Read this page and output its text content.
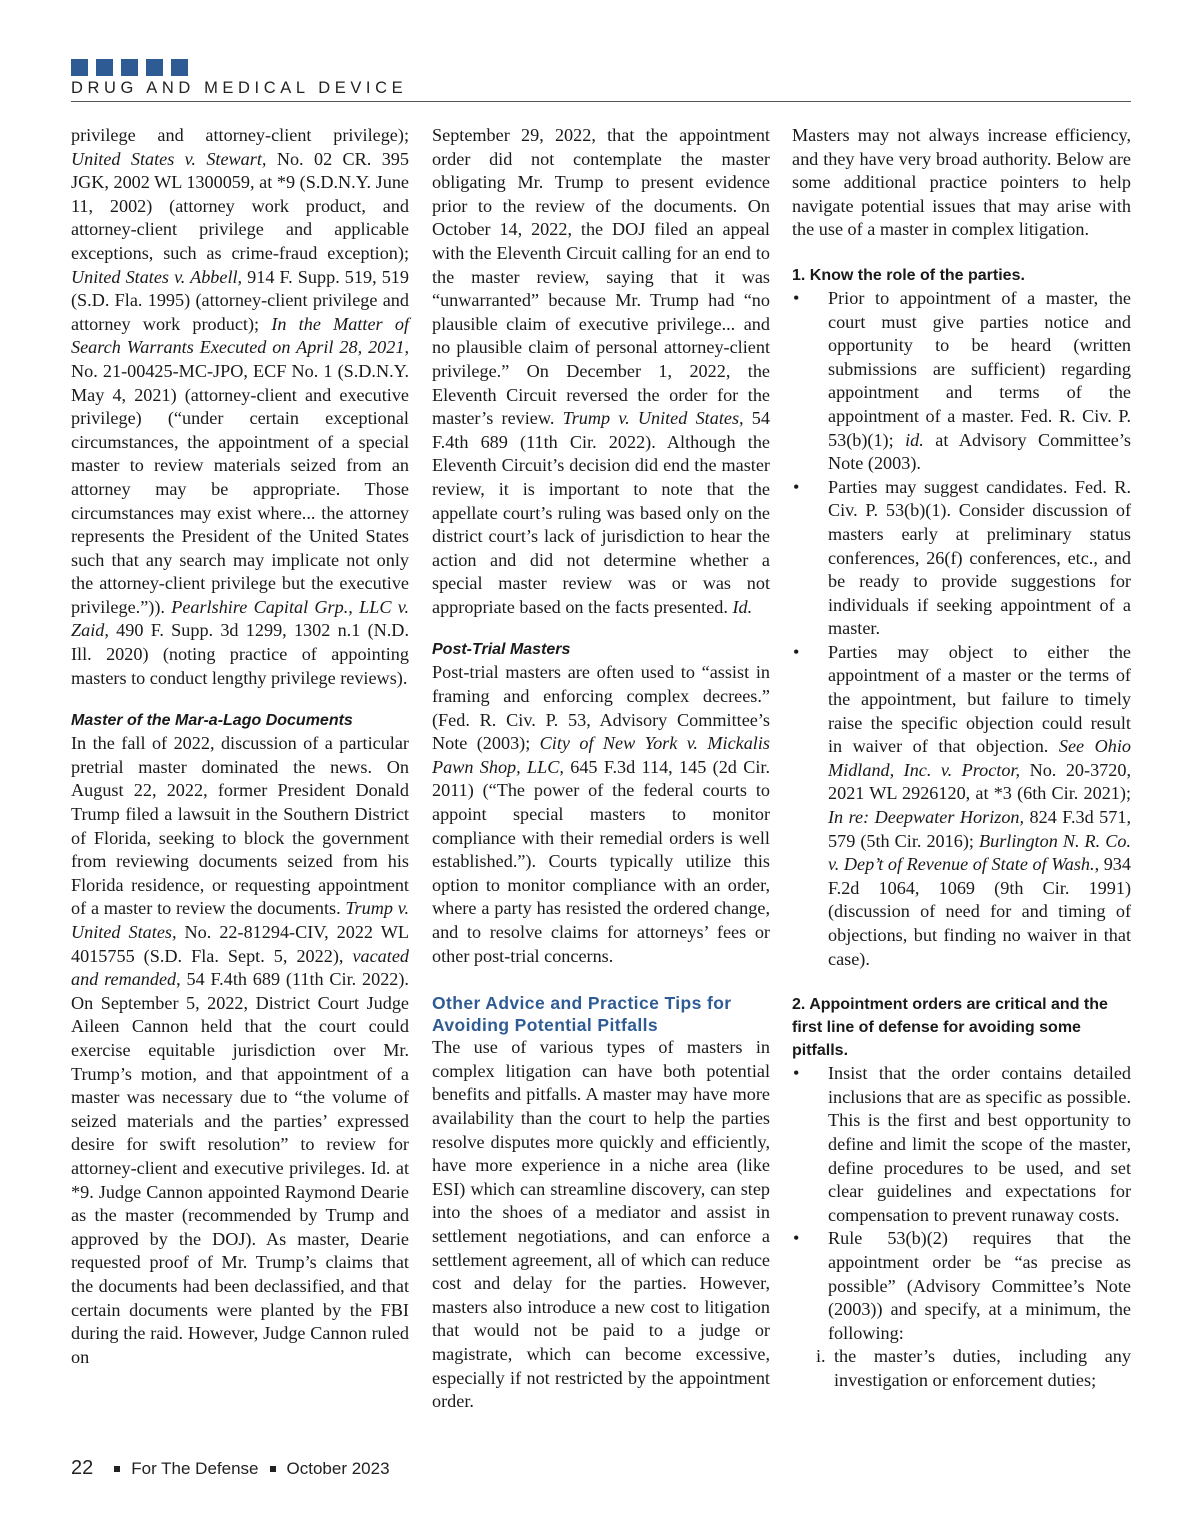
DRUG AND MEDICAL DEVICE

privilege and attorney-client privilege); United States v. Stewart, No. 02 CR. 395 JGK, 2002 WL 1300059, at *9 (S.D.N.Y. June 11, 2002) (attorney work product, and attorney-client privilege and applicable exceptions, such as crime-fraud exception); United States v. Abbell, 914 F. Supp. 519, 519 (S.D. Fla. 1995) (attorney-client privilege and attorney work product); In the Matter of Search Warrants Executed on April 28, 2021, No. 21-00425-MC-JPO, ECF No. 1 (S.D.N.Y. May 4, 2021) (attorney-client and executive privilege) (“under certain exceptional circumstances, the appointment of a special master to review materials seized from an attorney may be appropriate. Those circumstances may exist where... the attorney represents the President of the United States such that any search may implicate not only the attorney-client privilege but the executive privilege.”)). Pearlshire Capital Grp., LLC v. Zaid, 490 F. Supp. 3d 1299, 1302 n.1 (N.D. Ill. 2020) (noting practice of appointing masters to conduct lengthy privilege reviews).

Master of the Mar-a-Lago Documents

In the fall of 2022, discussion of a particular pretrial master dominated the news. On August 22, 2022, former President Donald Trump filed a lawsuit in the Southern District of Florida, seeking to block the government from reviewing documents seized from his Florida residence, or requesting appointment of a master to review the documents. Trump v. United States, No. 22-81294-CIV, 2022 WL 4015755 (S.D. Fla. Sept. 5, 2022), vacated and remanded, 54 F.4th 689 (11th Cir. 2022). On September 5, 2022, District Court Judge Aileen Cannon held that the court could exercise equitable jurisdiction over Mr. Trump’s motion, and that appointment of a master was necessary due to “the volume of seized materials and the parties’ expressed desire for swift resolution” to review for attorney-client and executive privileges. Id. at *9. Judge Cannon appointed Raymond Dearie as the master (recommended by Trump and approved by the DOJ). As master, Dearie requested proof of Mr. Trump’s claims that the documents had been declassified, and that certain documents were planted by the FBI during the raid. However, Judge Cannon ruled on

September 29, 2022, that the appointment order did not contemplate the master obligating Mr. Trump to present evidence prior to the review of the documents. On October 14, 2022, the DOJ filed an appeal with the Eleventh Circuit calling for an end to the master review, saying that it was “unwarranted” because Mr. Trump had “no plausible claim of executive privilege... and no plausible claim of personal attorney-client privilege.” On December 1, 2022, the Eleventh Circuit reversed the order for the master’s review. Trump v. United States, 54 F.4th 689 (11th Cir. 2022). Although the Eleventh Circuit’s decision did end the master review, it is important to note that the appellate court’s ruling was based only on the district court’s lack of jurisdiction to hear the action and did not determine whether a special master review was or was not appropriate based on the facts presented. Id.

Post-Trial Masters

Post-trial masters are often used to “assist in framing and enforcing complex decrees.” (Fed. R. Civ. P. 53, Advisory Committee’s Note (2003); City of New York v. Mickalis Pawn Shop, LLC, 645 F.3d 114, 145 (2d Cir. 2011) (“The power of the federal courts to appoint special masters to monitor compliance with their remedial orders is well established.”). Courts typically utilize this option to monitor compliance with an order, where a party has resisted the ordered change, and to resolve claims for attorneys’ fees or other post-trial concerns.

Other Advice and Practice Tips for Avoiding Potential Pitfalls

The use of various types of masters in complex litigation can have both potential benefits and pitfalls. A master may have more availability than the court to help the parties resolve disputes more quickly and efficiently, have more experience in a niche area (like ESI) which can streamline discovery, can step into the shoes of a mediator and assist in settlement negotiations, and can enforce a settlement agreement, all of which can reduce cost and delay for the parties. However, masters also introduce a new cost to litigation that would not be paid to a judge or magistrate, which can become excessive, especially if not restricted by the appointment order.

Masters may not always increase efficiency, and they have very broad authority. Below are some additional practice pointers to help navigate potential issues that may arise with the use of a master in complex litigation.

1. Know the role of the parties.
• Prior to appointment of a master, the court must give parties notice and opportunity to be heard (written submissions are sufficient) regarding appointment and terms of the appointment of a master. Fed. R. Civ. P. 53(b)(1); id. at Advisory Committee’s Note (2003).
• Parties may suggest candidates. Fed. R. Civ. P. 53(b)(1). Consider discussion of masters early at preliminary status conferences, 26(f) conferences, etc., and be ready to provide suggestions for individuals if seeking appointment of a master.
• Parties may object to either the appointment of a master or the terms of the appointment, but failure to timely raise the specific objection could result in waiver of that objection. See Ohio Midland, Inc. v. Proctor, No. 20-3720, 2021 WL 2926120, at *3 (6th Cir. 2021); In re: Deepwater Horizon, 824 F.3d 571, 579 (5th Cir. 2016); Burlington N. R. Co. v. Dep’t of Revenue of State of Wash., 934 F.2d 1064, 1069 (9th Cir. 1991) (discussion of need for and timing of objections, but finding no waiver in that case).
2. Appointment orders are critical and the first line of defense for avoiding some pitfalls.
• Insist that the order contains detailed inclusions that are as specific as possible. This is the first and best opportunity to define and limit the scope of the master, define procedures to be used, and set clear guidelines and expectations for compensation to prevent runaway costs.
• Rule 53(b)(2) requires that the appointment order be “as precise as possible” (Advisory Committee’s Note (2003)) and specify, at a minimum, the following:
i. the master’s duties, including any investigation or enforcement duties;
22 For The Defense October 2023
